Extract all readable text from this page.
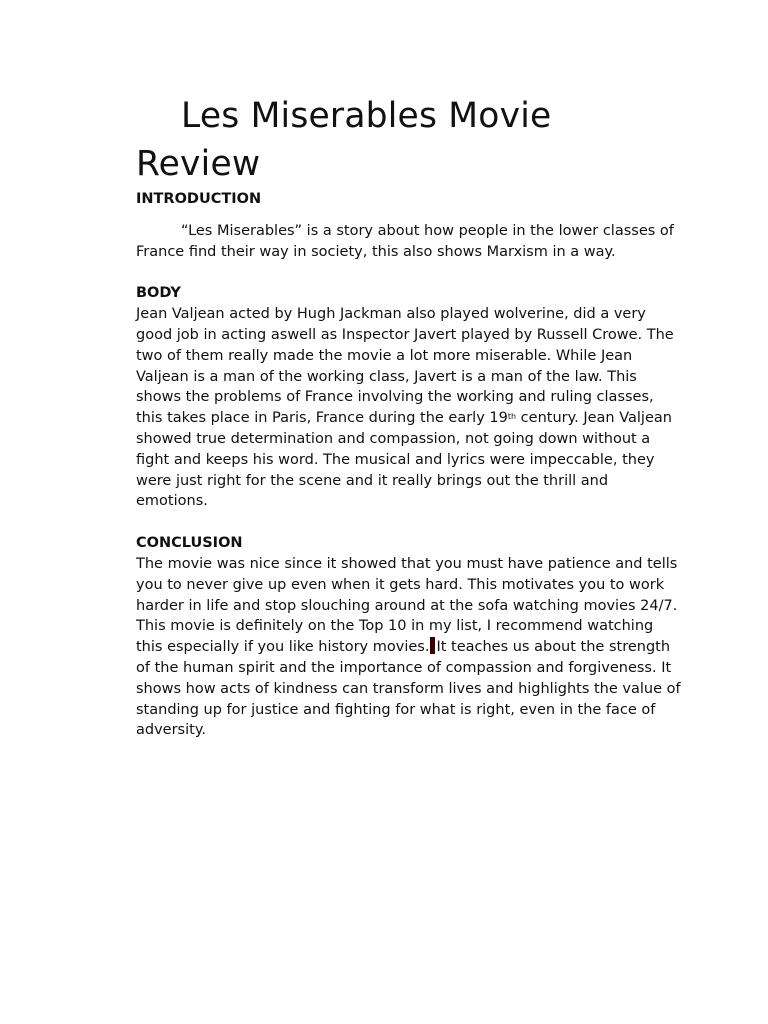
Les Miserables Movie Review

INTRODUCTION

“Les Miserables” is a story about how people in the lower classes of France find their way in society, this also shows Marxism in a way.

BODY

Jean Valjean acted by Hugh Jackman also played wolverine, did a very good job in acting aswell as Inspector Javert played by Russell Crowe. The two of them really made the movie a lot more miserable. While Jean Valjean is a man of the working class, Javert is a man of the law. This shows the problems of France involving the working and ruling classes, this takes place in Paris, France during the early 19th century. Jean Valjean showed true determination and compassion, not going down without a fight and keeps his word. The musical and lyrics were impeccable, they were just right for the scene and it really brings out the thrill and emotions.

CONCLUSION

The movie was nice since it showed that you must have patience and tells you to never give up even when it gets hard. This motivates you to work harder in life and stop slouching around at the sofa watching movies 24/7. This movie is definitely on the Top 10 in my list, I recommend watching this especially if you like history movies. It teaches us about the strength of the human spirit and the importance of compassion and forgiveness. It shows how acts of kindness can transform lives and highlights the value of standing up for justice and fighting for what is right, even in the face of adversity.
